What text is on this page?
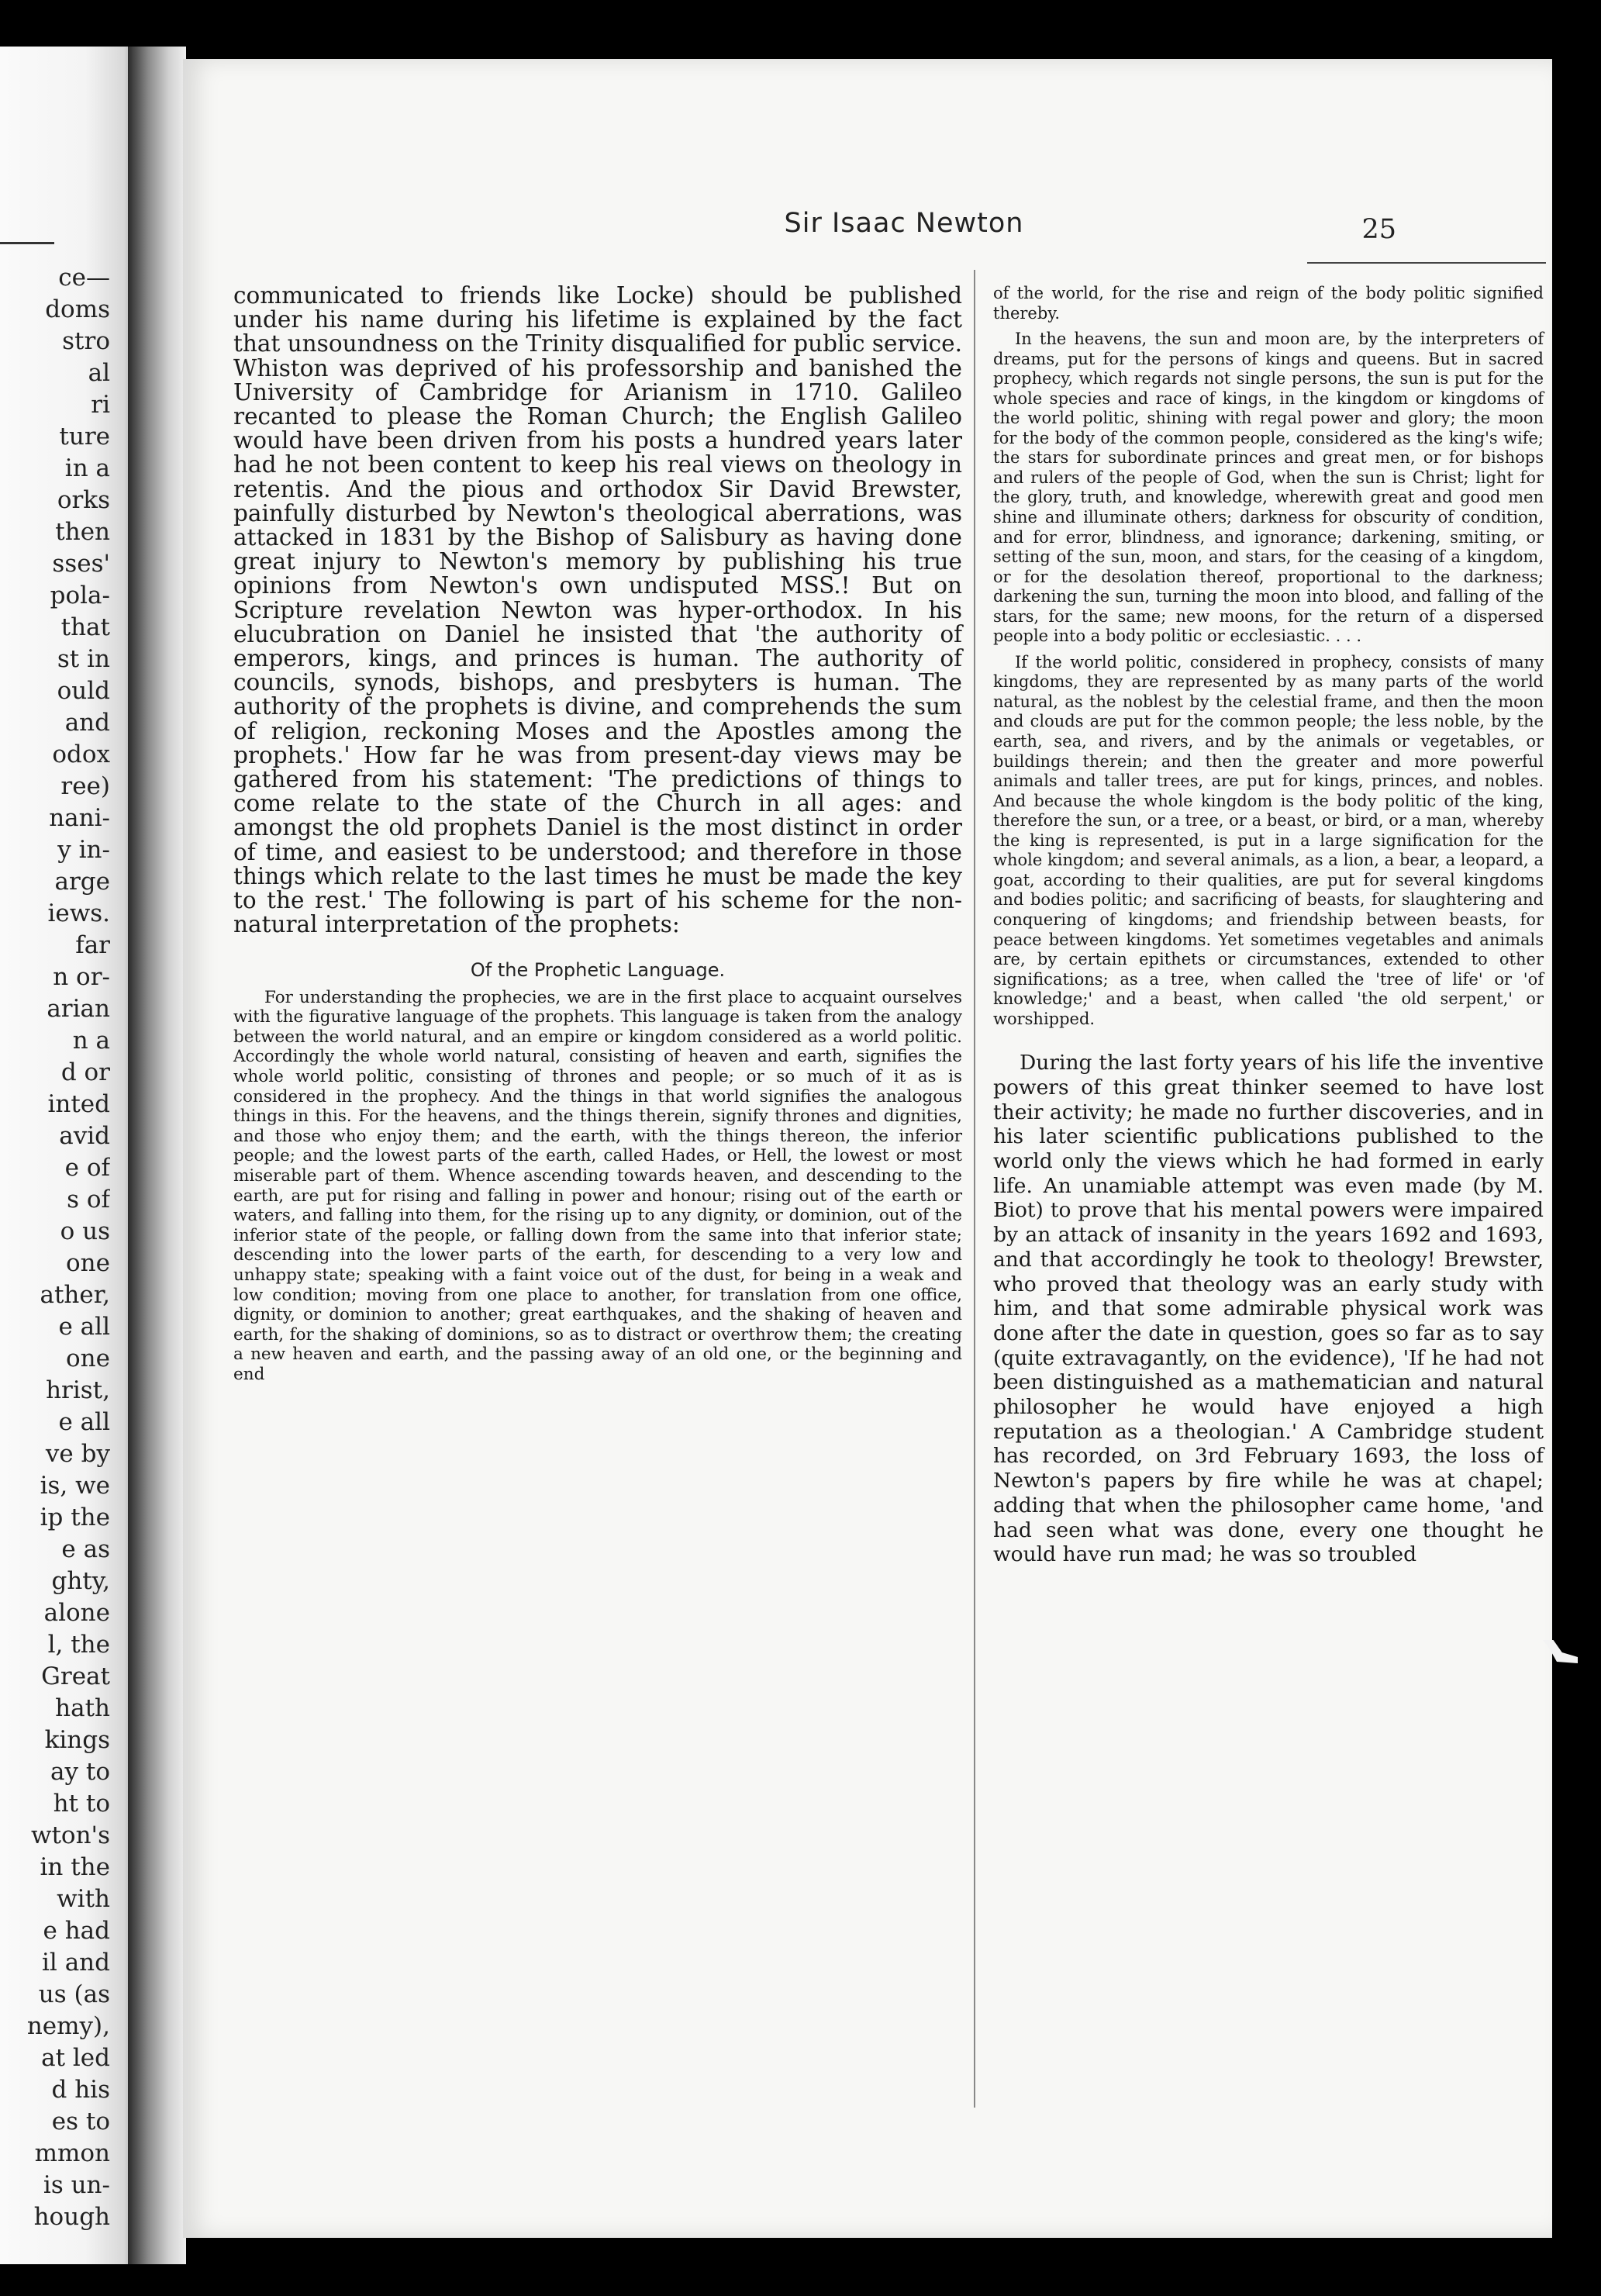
ce—
doms
stro
al
ri
ture
in a
orks
then
sses'
pola-
that
st in
ould
and
odox
ree)
nani-
y in-
arge
iews.
far
n or-
arian
n a
d or
inted
avid
e of
s of
o us
one
ather,
e all
one
hrist,
e all
ve by
is, we
ip the
e as
ghty,
alone
l, the
Great
hath
kings
ay to
ht to
wton's
in the
with
e had
il and
us (as
nemy),
at led
d his
es to
mmon
is un-
hough
Sir Isaac Newton	25

communicated to friends like Locke) should be published under his name during his lifetime is explained by the fact that unsoundness on the Trinity disqualified for public service. Whiston was deprived of his professorship and banished the University of Cambridge for Arianism in 1710. Galileo recanted to please the Roman Church; the English Galileo would have been driven from his posts a hundred years later had he not been content to keep his real views on theology in retentis. And the pious and orthodox Sir David Brewster, painfully disturbed by Newton's theological aberrations, was attacked in 1831 by the Bishop of Salisbury as having done great injury to Newton's memory by publishing his true opinions from Newton's own undisputed MSS.! But on Scripture revelation Newton was hyper-orthodox. In his elucubration on Daniel he insisted that 'the authority of emperors, kings, and princes is human. The authority of councils, synods, bishops, and presbyters is human. The authority of the prophets is divine, and comprehends the sum of religion, reckoning Moses and the Apostles among the prophets.' How far he was from present-day views may be gathered from his statement: 'The predictions of things to come relate to the state of the Church in all ages: and amongst the old prophets Daniel is the most distinct in order of time, and easiest to be understood; and therefore in those things which relate to the last times he must be made the key to the rest.' The following is part of his scheme for the non-natural interpretation of the prophets:

Of the Prophetic Language.

For understanding the prophecies, we are in the first place to acquaint ourselves with the figurative language of the prophets. This language is taken from the analogy between the world natural, and an empire or kingdom considered as a world politic. Accordingly the whole world natural, consisting of heaven and earth, signifies the whole world politic, consisting of thrones and people; or so much of it as is considered in the prophecy. And the things in that world signifies the analogous things in this. For the heavens, and the things therein, signify thrones and dignities, and those who enjoy them; and the earth, with the things thereon, the inferior people; and the lowest parts of the earth, called Hades, or Hell, the lowest or most miserable part of them. Whence ascending towards heaven, and descending to the earth, are put for rising and falling in power and honour; rising out of the earth or waters, and falling into them, for the rising up to any dignity, or dominion, out of the inferior state of the people, or falling down from the same into that inferior state; descending into the lower parts of the earth, for descending to a very low and unhappy state; speaking with a faint voice out of the dust, for being in a weak and low condition; moving from one place to another, for translation from one office, dignity, or dominion to another; great earthquakes, and the shaking of heaven and earth, for the shaking of dominions, so as to distract or overthrow them; the creating a new heaven and earth, and the passing away of an old one, or the beginning and end

of the world, for the rise and reign of the body politic signified thereby.

In the heavens, the sun and moon are, by the interpreters of dreams, put for the persons of kings and queens. But in sacred prophecy, which regards not single persons, the sun is put for the whole species and race of kings, in the kingdom or kingdoms of the world politic, shining with regal power and glory; the moon for the body of the common people, considered as the king's wife; the stars for subordinate princes and great men, or for bishops and rulers of the people of God, when the sun is Christ; light for the glory, truth, and knowledge, wherewith great and good men shine and illuminate others; darkness for obscurity of condition, and for error, blindness, and ignorance; darkening, smiting, or setting of the sun, moon, and stars, for the ceasing of a kingdom, or for the desolation thereof, proportional to the darkness; darkening the sun, turning the moon into blood, and falling of the stars, for the same; new moons, for the return of a dispersed people into a body politic or ecclesiastic. . . .

If the world politic, considered in prophecy, consists of many kingdoms, they are represented by as many parts of the world natural, as the noblest by the celestial frame, and then the moon and clouds are put for the common people; the less noble, by the earth, sea, and rivers, and by the animals or vegetables, or buildings therein; and then the greater and more powerful animals and taller trees, are put for kings, princes, and nobles. And because the whole kingdom is the body politic of the king, therefore the sun, or a tree, or a beast, or bird, or a man, whereby the king is represented, is put in a large signification for the whole kingdom; and several animals, as a lion, a bear, a leopard, a goat, according to their qualities, are put for several kingdoms and bodies politic; and sacrificing of beasts, for slaughtering and conquering of kingdoms; and friendship between beasts, for peace between kingdoms. Yet sometimes vegetables and animals are, by certain epithets or circumstances, extended to other significations; as a tree, when called the 'tree of life' or 'of knowledge;' and a beast, when called 'the old serpent,' or worshipped.

During the last forty years of his life the inventive powers of this great thinker seemed to have lost their activity; he made no further discoveries, and in his later scientific publications published to the world only the views which he had formed in early life. An unamiable attempt was even made (by M. Biot) to prove that his mental powers were impaired by an attack of insanity in the years 1692 and 1693, and that accordingly he took to theology! Brewster, who proved that theology was an early study with him, and that some admirable physical work was done after the date in question, goes so far as to say (quite extravagantly, on the evidence), 'If he had not been distinguished as a mathematician and natural philosopher he would have enjoyed a high reputation as a theologian.' A Cambridge student has recorded, on 3rd February 1693, the loss of Newton's papers by fire while he was at chapel; adding that when the philosopher came home, 'and had seen what was done, every one thought he would have run mad; he was so troubled
